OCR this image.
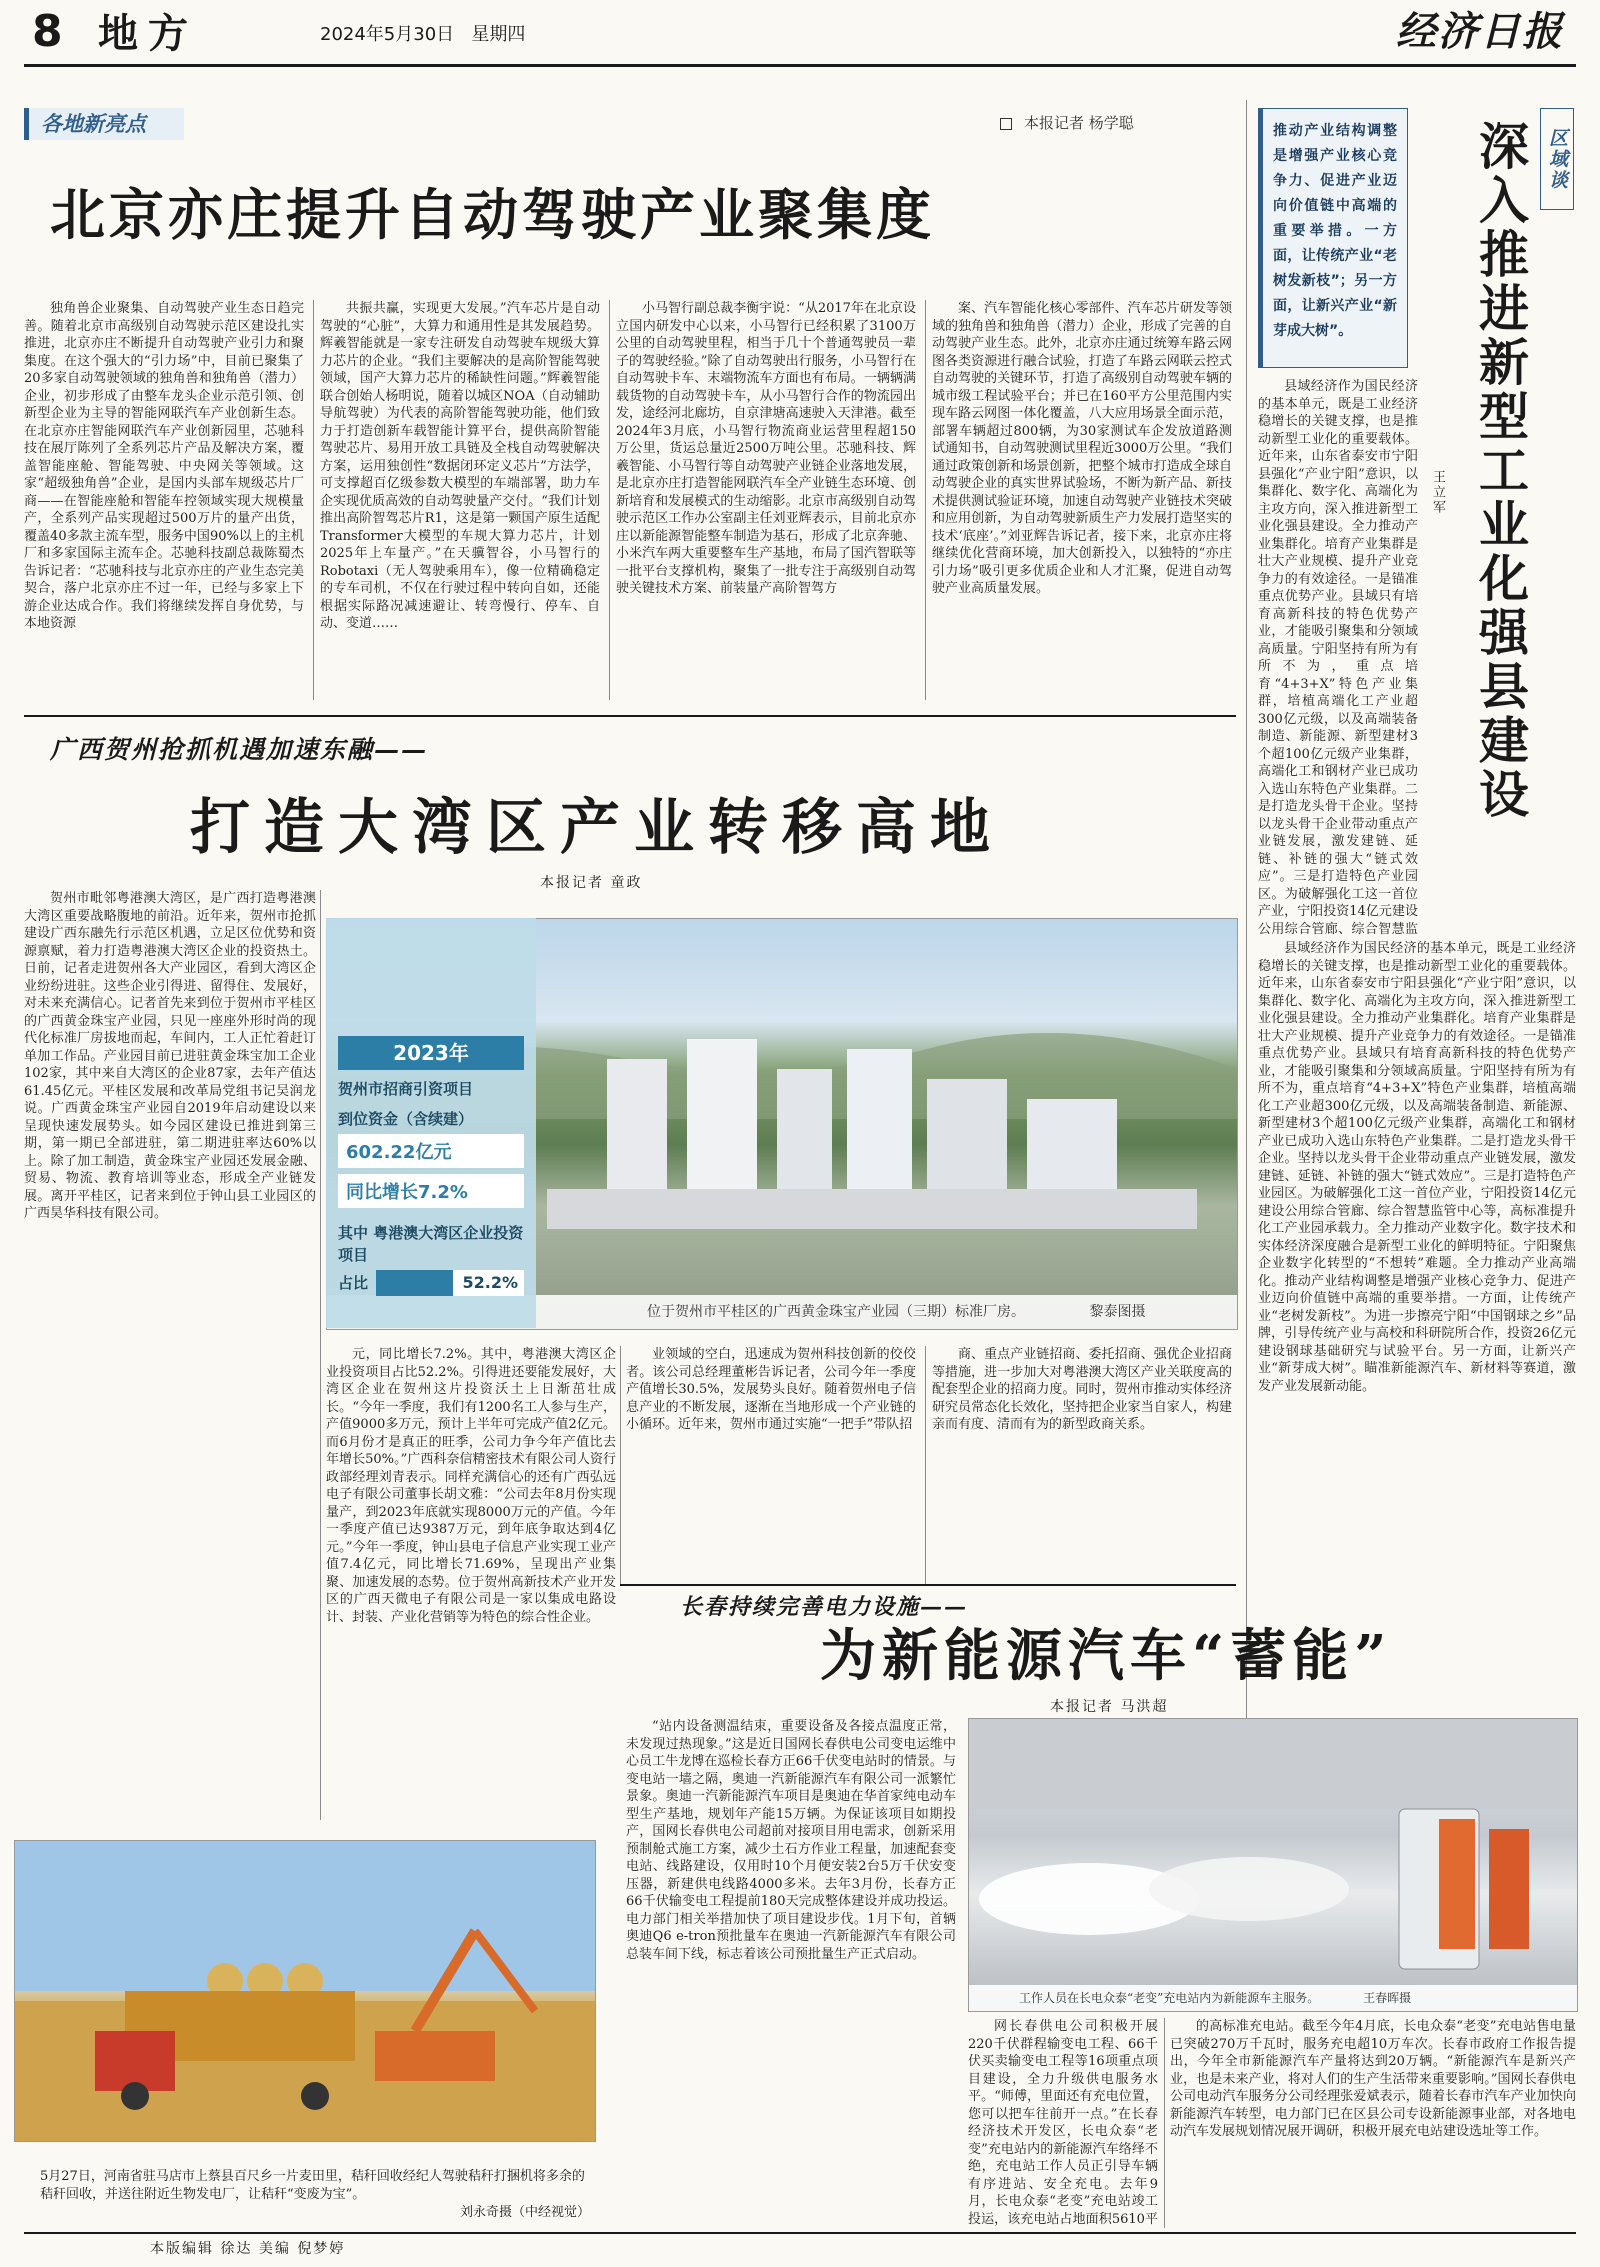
8 地方	2024年5月30日 星期四	经济日报
各地新亮点	本报记者 杨学聪
北京亦庄提升自动驾驶产业聚集度

独角兽企业聚集、自动驾驶产业生态日趋完善。随着北京市高级别自动驾驶示范区建设扎实推进，北京亦庄不断提升自动驾驶产业引力和聚集度。在这个强大的“引力场”中，目前已聚集了20多家自动驾驶领域的独角兽和独角兽（潜力）企业，初步形成了由整车龙头企业示范引领、创新型企业为主导的智能网联汽车产业创新生态。在北京亦庄智能网联汽车产业创新园里，芯驰科技在展厅陈列了全系列芯片产品及解决方案，覆盖智能座舱、智能驾驶、中央网关等领域。这家“超级独角兽”企业，是国内头部车规级芯片厂商——在智能座舱和智能车控领域实现大规模量产，全系列产品实现超过500万片的量产出货，覆盖40多款主流车型，服务中国90%以上的主机厂和多家国际主流车企。芯驰科技副总裁陈蜀杰告诉记者：“芯驰科技与北京亦庄的产业生态完美契合，落户北京亦庄不过一年，已经与多家上下游企业达成合作。我们将继续发挥自身优势，与本地资源

共振共赢，实现更大发展。”汽车芯片是自动驾驶的“心脏”，大算力和通用性是其发展趋势。辉羲智能就是一家专注研发自动驾驶车规级大算力芯片的企业。“我们主要解决的是高阶智能驾驶领域，国产大算力芯片的稀缺性问题。”辉羲智能联合创始人杨明说，随着以城区NOA（自动辅助导航驾驶）为代表的高阶智能驾驶功能，他们致力于打造创新车载智能计算平台，提供高阶智能驾驶芯片、易用开放工具链及全栈自动驾驶解决方案，运用独创性“数据闭环定义芯片”方法学，可支撑超百亿级参数大模型的车端部署，助力车企实现优质高效的自动驾驶量产交付。“我们计划推出高阶智驾芯片R1，这是第一颗国产原生适配Transformer大模型的车规大算力芯片，计划2025年上车量产。”在天骥智谷，小马智行的Robotaxi（无人驾驶乘用车），像一位精确稳定的专车司机，不仅在行驶过程中转向自如，还能根据实际路况减速避让、转弯慢行、停车、自动、变道……

小马智行副总裁李衡宇说：“从2017年在北京设立国内研发中心以来，小马智行已经积累了3100万公里的自动驾驶里程，相当于几十个普通驾驶员一辈子的驾驶经验。”除了自动驾驶出行服务，小马智行在自动驾驶卡车、末端物流车方面也有布局。一辆辆满载货物的自动驾驶卡车，从小马智行合作的物流园出发，途经河北廊坊，自京津塘高速驶入天津港。截至2024年3月底，小马智行物流商业运营里程超150万公里，货运总量近2500万吨公里。芯驰科技、辉羲智能、小马智行等自动驾驶产业链企业落地发展，是北京亦庄打造智能网联汽车全产业链生态环境、创新培育和发展模式的生动缩影。北京市高级别自动驾驶示范区工作办公室副主任刘亚辉表示，目前北京亦庄以新能源智能整车制造为基石，形成了北京奔驰、小米汽车两大重要整车生产基地，布局了国汽智联等一批平台支撑机构，聚集了一批专注于高级别自动驾驶关键技术方案、前装量产高阶智驾方

案、汽车智能化核心零部件、汽车芯片研发等领域的独角兽和独角兽（潜力）企业，形成了完善的自动驾驶产业生态。此外，北京亦庄通过统筹车路云网图各类资源进行融合试验，打造了车路云网联云控式自动驾驶的关键环节，打造了高级别自动驾驶车辆的城市级工程试验平台；并已在160平方公里范围内实现车路云网图一体化覆盖，八大应用场景全面示范，部署车辆超过800辆，为30家测试车企发放道路测试通知书，自动驾驶测试里程近3000万公里。“我们通过政策创新和场景创新，把整个城市打造成全球自动驾驶企业的真实世界试验场，不断为新产品、新技术提供测试验证环境，加速自动驾驶产业链技术突破和应用创新，为自动驾驶新质生产力发展打造坚实的技术‘底座’。”刘亚辉告诉记者，接下来，北京亦庄将继续优化营商环境，加大创新投入，以独特的“亦庄引力场”吸引更多优质企业和人才汇聚，促进自动驾驶产业高质量发展。

推动产业结构调整是增强产业核心竞争力、促进产业迈向价值链中高端的重要举措。一方面，让传统产业“老树发新枝”；另一方面，让新兴产业“新芽成大树”。
区域谈
深入推进新型工业化强县建设
王立军

县域经济作为国民经济的基本单元，既是工业经济稳增长的关键支撑，也是推动新型工业化的重要载体。近年来，山东省泰安市宁阳县强化“产业宁阳”意识，以集群化、数字化、高端化为主攻方向，深入推进新型工业化强县建设。全力推动产业集群化。培育产业集群是壮大产业规模、提升产业竞争力的有效途径。一是锚准重点优势产业。县域只有培育高新科技的特色优势产业，才能吸引聚集和分领域高质量。宁阳坚持有所为有所不为，重点培育“4+3+X”特色产业集群，培植高端化工产业超300亿元级，以及高端装备制造、新能源、新型建材3个超100亿元级产业集群，高端化工和钢材产业已成功入选山东特色产业集群。二是打造龙头骨干企业。坚持以龙头骨干企业带动重点产业链发展，激发建链、延链、补链的强大“链式效应”。三是打造特色产业园区。为破解强化工这一首位产业，宁阳投资14亿元建设公用综合管廊、综合智慧监

县域经济作为国民经济的基本单元，既是工业经济稳增长的关键支撑，也是推动新型工业化的重要载体。近年来，山东省泰安市宁阳县强化“产业宁阳”意识，以集群化、数字化、高端化为主攻方向，深入推进新型工业化强县建设。全力推动产业集群化。培育产业集群是壮大产业规模、提升产业竞争力的有效途径。一是锚准重点优势产业。县域只有培育高新科技的特色优势产业，才能吸引聚集和分领域高质量。宁阳坚持有所为有所不为，重点培育“4+3+X”特色产业集群，培植高端化工产业超300亿元级，以及高端装备制造、新能源、新型建材3个超100亿元级产业集群，高端化工和钢材产业已成功入选山东特色产业集群。二是打造龙头骨干企业。坚持以龙头骨干企业带动重点产业链发展，激发建链、延链、补链的强大“链式效应”。三是打造特色产业园区。为破解强化工这一首位产业，宁阳投资14亿元建设公用综合管廊、综合智慧监管中心等，高标准提升化工产业园承载力。全力推动产业数字化。数字技术和实体经济深度融合是新型工业化的鲜明特征。宁阳聚焦企业数字化转型的“不想转”难题。全力推动产业高端化。推动产业结构调整是增强产业核心竞争力、促进产业迈向价值链中高端的重要举措。一方面，让传统产业“老树发新枝”。为进一步擦亮宁阳“中国钢球之乡”品牌，引导传统产业与高校和科研院所合作，投资26亿元建设钢球基础研究与试验平台。另一方面，让新兴产业“新芽成大树”。瞄准新能源汽车、新材料等赛道，激发产业发展新动能。

广西贺州抢抓机遇加速东融——
打造大湾区产业转移高地
本报记者 童政

贺州市毗邻粤港澳大湾区，是广西打造粤港澳大湾区重要战略腹地的前沿。近年来，贺州市抢抓建设广西东融先行示范区机遇，立足区位优势和资源禀赋，着力打造粤港澳大湾区企业的投资热土。日前，记者走进贺州各大产业园区，看到大湾区企业纷纷进驻。这些企业引得进、留得住、发展好，对未来充满信心。记者首先来到位于贺州市平桂区的广西黄金珠宝产业园，只见一座座外形时尚的现代化标准厂房拔地而起，车间内，工人正忙着赶订单加工作品。产业园目前已进驻黄金珠宝加工企业102家，其中来自大湾区的企业87家，去年产值达61.45亿元。平桂区发展和改革局党组书记吴润龙说。广西黄金珠宝产业园自2019年启动建设以来呈现快速发展势头。如今园区建设已推进到第三期，第一期已全部进驻，第二期进驻率达60%以上。除了加工制造，黄金珠宝产业园还发展金融、贸易、物流、教育培训等业态，形成全产业链发展。离开平桂区，记者来到位于钟山县工业园区的广西昊华科技有限公司。

位于贺州市平桂区的广西黄金珠宝产业园（三期）标准厂房。	黎泰图摄
2023年
贺州市招商引资项目
到位资金（含续建）
602.22亿元
同比增长7.2%
其中 粤港澳大湾区企业投资项目
占比	52.2%

元，同比增长7.2%。其中，粤港澳大湾区企业投资项目占比52.2%。引得进还要能发展好，大湾区企业在贺州这片投资沃土上日渐茁壮成长。“今年一季度，我们有1200名工人参与生产，产值9000多万元，预计上半年可完成产值2亿元。而6月份才是真正的旺季，公司力争今年产值比去年增长50%。”广西科奈信精密技术有限公司人资行政部经理刘青表示。同样充满信心的还有广西弘远电子有限公司董事长胡文雅：“公司去年8月份实现量产，到2023年底就实现8000万元的产值。今年一季度产值已达9387万元，到年底争取达到4亿元。”今年一季度，钟山县电子信息产业实现工业产值7.4亿元，同比增长71.69%，呈现出产业集聚、加速发展的态势。位于贺州高新技术产业开发区的广西天微电子有限公司是一家以集成电路设计、封装、产业化营销等为特色的综合性企业。

业领域的空白，迅速成为贺州科技创新的佼佼者。该公司总经理董彬告诉记者，公司今年一季度产值增长30.5%，发展势头良好。随着贺州电子信息产业的不断发展，逐渐在当地形成一个产业链的小循环。近年来，贺州市通过实施“一把手”带队招

商、重点产业链招商、委托招商、强优企业招商等措施，进一步加大对粤港澳大湾区产业关联度高的配套型企业的招商力度。同时，贺州市推动实体经济研究员常态化长效化，坚持把企业家当自家人，构建亲而有度、清而有为的新型政商关系。

长春持续完善电力设施——
为新能源汽车“蓄能”
本报记者 马洪超

“站内设备测温结束，重要设备及各接点温度正常，未发现过热现象。”这是近日国网长春供电公司变电运维中心员工牛龙博在巡检长春方正66千伏变电站时的情景。与变电站一墙之隔，奥迪一汽新能源汽车有限公司一派繁忙景象。奥迪一汽新能源汽车项目是奥迪在华首家纯电动车型生产基地，规划年产能15万辆。为保证该项目如期投产，国网长春供电公司超前对接项目用电需求，创新采用预制舱式施工方案，减少土石方作业工程量，加速配套变电站、线路建设，仅用时10个月便安装2台5万千伏安变压器，新建供电线路4000多米。去年3月份，长春方正66千伏输变电工程提前180天完成整体建设并成功投运。电力部门相关举措加快了项目建设步伐。1月下旬，首辆奥迪Q6 e-tron预批量车在奥迪一汽新能源汽车有限公司总装车间下线，标志着该公司预批量生产正式启动。

工作人员在长电众泰“老变”充电站内为新能源车主服务。	王春晖摄

网长春供电公司积极开展220千伏群程输变电工程、66千伏买卖输变电工程等16项重点项目建设，全力升级供电服务水平。“师傅，里面还有充电位置，您可以把车往前开一点。”在长春经济技术开发区，长电众泰“老变”充电站内的新能源汽车络绎不绝，充电站工作人员正引导车辆有序进站、安全充电。去年9月，长电众泰“老变”充电站竣工投运，该充电站占地面积5610平

的高标准充电站。截至今年4月底，长电众泰“老变”充电站售电量已突破270万千瓦时，服务充电超10万车次。长春市政府工作报告提出，今年全市新能源汽车产量将达到20万辆。“新能源汽车是新兴产业，也是未来产业，将对人们的生产生活带来重要影响。”国网长春供电公司电动汽车服务分公司经理张爱斌表示，随着长春市汽车产业加快向新能源汽车转型，电力部门已在区县公司专设新能源事业部，对各地电动汽车发展规划情况展开调研，积极开展充电站建设选址等工作。

5月27日，河南省驻马店市上蔡县百尺乡一片麦田里，秸秆回收经纪人驾驶秸秆打捆机将多余的秸秆回收，并送往附近生物发电厂，让秸秆“变废为宝”。
刘永奇摄（中经视觉）
本版编辑 徐达 美编 倪梦婷
